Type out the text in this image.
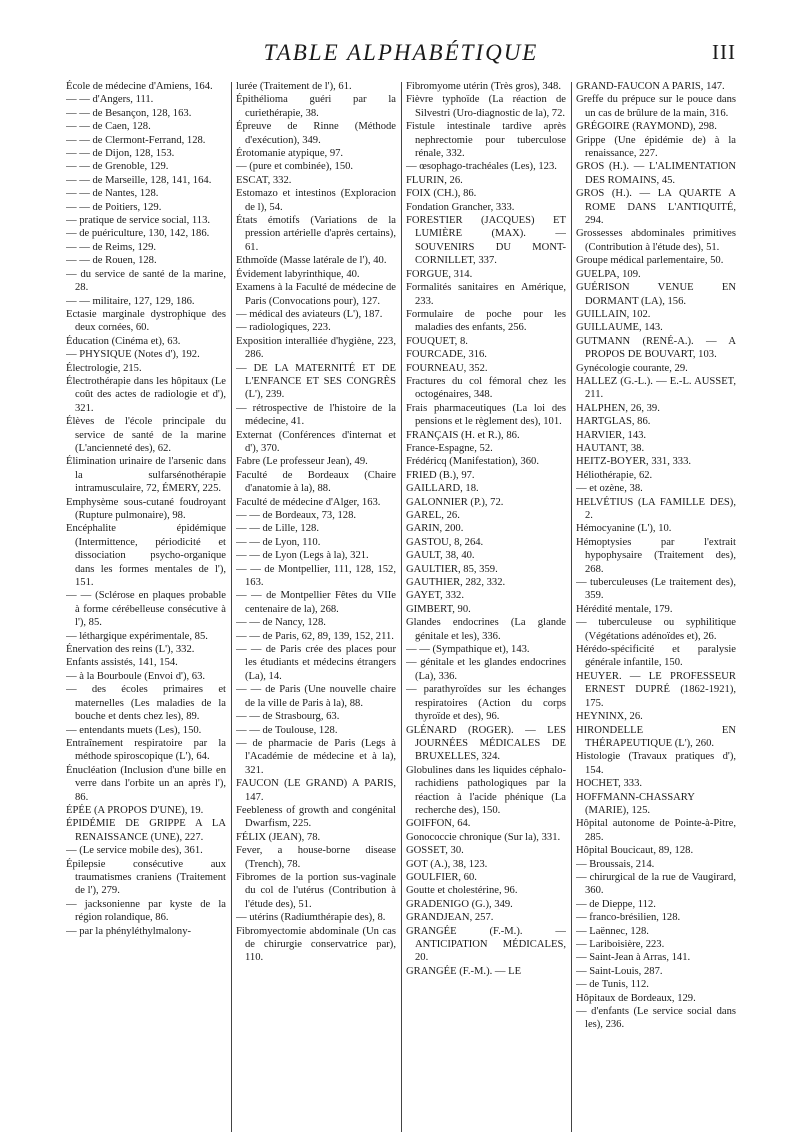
TABLE ALPHABÉTIQUE	III

École de médecine d'Amiens, 164.

— — d'Angers, 111.

— — de Besançon, 128, 163.

— — de Caen, 128.

— — de Clermont-Ferrand, 128.

— — de Dijon, 128, 153.

— — de Grenoble, 129.

— — de Marseille, 128, 141, 164.

— — de Nantes, 128.

— — de Poitiers, 129.

— pratique de service social, 113.

— de puériculture, 130, 142, 186.

— — de Reims, 129.

— — de Rouen, 128.

— du service de santé de la marine, 28.

— — militaire, 127, 129, 186.

Ectasie marginale dystrophique des deux cornées, 60.

Éducation (Cinéma et), 63.

— PHYSIQUE (Notes d'), 192.

Électrologie, 215.

Électrothérapie dans les hôpitaux (Le coût des actes de radiologie et d'), 321.

Élèves de l'école principale du service de santé de la marine (L'ancienneté des), 62.

Élimination urinaire de l'arsenic dans la sulfarsénothérapie intramusculaire, 72, ÉMERY, 225.

Emphysème sous-cutané foudroyant (Rupture pulmonaire), 98.

Encéphalite épidémique (Intermittence, périodicité et dissociation psycho-organique dans les formes mentales de l'), 151.

— — (Sclérose en plaques probable à forme cérébelleuse consécutive à l'), 85.

— léthargique expérimentale, 85.

Énervation des reins (L'), 332.

Enfants assistés, 141, 154.

— à la Bourboule (Envoi d'), 63.

— des écoles primaires et maternelles (Les maladies de la bouche et dents chez les), 89.

— entendants muets (Les), 150.

Entraînement respiratoire par la méthode spiroscopique (L'), 64.

Énucléation (Inclusion d'une bille en verre dans l'orbite un an après l'), 86.

ÉPÉE (A PROPOS D'UNE), 19.

ÉPIDÉMIE DE GRIPPE A LA RENAISSANCE (UNE), 227.

— (Le service mobile des), 361.

Épilepsie consécutive aux traumatismes craniens (Traitement de l'), 279.

— jacksonienne par kyste de la région rolandique, 86.

— par la phényléthylmalony-

lurée (Traitement de l'), 61.

Épithélioma guéri par la curiethérapie, 38.

Épreuve de Rinne (Méthode d'exécution), 349.

Érotomanie atypique, 97.

— (pure et combinée), 150.

ESCAT, 332.

Estomazo et intestinos (Exploracion de l), 54.

États émotifs (Variations de la pression artérielle d'après certains), 61.

Ethmoïde (Masse latérale de l'), 40.

Évidement labyrinthique, 40.

Examens à la Faculté de médecine de Paris (Convocations pour), 127.

— médical des aviateurs (L'), 187.

— radiologiques, 223.

Exposition interalliée d'hygiène, 223, 286.

— DE LA MATERNITÉ ET DE L'ENFANCE ET SES CONGRÈS (L'), 239.

— rétrospective de l'histoire de la médecine, 41.

Externat (Conférences d'internat et d'), 370.

Fabre (Le professeur Jean), 49.

Faculté de Bordeaux (Chaire d'anatomie à la), 88.

Faculté de médecine d'Alger, 163.

— — de Bordeaux, 73, 128.

— — de Lille, 128.

— — de Lyon, 110.

— — de Lyon (Legs à la), 321.

— — de Montpellier, 111, 128, 152, 163.

— — de Montpellier Fêtes du VIIe centenaire de la), 268.

— — de Nancy, 128.

— — de Paris, 62, 89, 139, 152, 211.

— — de Paris crée des places pour les étudiants et médecins étrangers (La), 14.

— — de Paris (Une nouvelle chaire de la ville de Paris à la), 88.

— — de Strasbourg, 63.

— — de Toulouse, 128.

— de pharmacie de Paris (Legs à l'Académie de médecine et à la), 321.

FAUCON (LE GRAND) A PARIS, 147.

Feebleness of growth and congénital Dwarfism, 225.

FÉLIX (JEAN), 78.

Fever, a house-borne disease (Trench), 78.

Fibromes de la portion sus-vaginale du col de l'utérus (Contribution à l'étude des), 51.

— utérins (Radiumthérapie des), 8.

Fibromyectomie abdominale (Un cas de chirurgie conservatrice par), 110.

Fibromyome utérin (Très gros), 348.

Fièvre typhoïde (La réaction de Silvestri (Uro-diagnostic de la), 72.

Fistule intestinale tardive après nephrectomie pour tuberculose rénale, 332.

— œsophago-trachéales (Les), 123.

FLURIN, 26.

FOIX (CH.), 86.

Fondation Grancher, 333.

FORESTIER (JACQUES) ET LUMIÈRE (MAX). — SOUVENIRS DU MONT-CORNILLET, 337.

FORGUE, 314.

Formalités sanitaires en Amérique, 233.

Formulaire de poche pour les maladies des enfants, 256.

FOUQUET, 8.

FOURCADE, 316.

FOURNEAU, 352.

Fractures du col fémoral chez les octogénaires, 348.

Frais pharmaceutiques (La loi des pensions et le règlement des), 101.

FRANÇAIS (H. et R.), 86.

France-Espagne, 52.

Frédéricq (Manifestation), 360.

FRIED (B.), 97.

GAILLARD, 18.

GALONNIER (P.), 72.

GAREL, 26.

GARIN, 200.

GASTOU, 8, 264.

GAULT, 38, 40.

GAULTIER, 85, 359.

GAUTHIER, 282, 332.

GAYET, 332.

GIMBERT, 90.

Glandes endocrines (La glande génitale et les), 336.

— — (Sympathique et), 143.

— génitale et les glandes endocrines (La), 336.

— parathyroïdes sur les échanges respiratoires (Action du corps thyroïde et des), 96.

GLÉNARD (ROGER). — LES JOURNÉES MÉDICALES DE BRUXELLES, 324.

Globulines dans les liquides céphalo-rachidiens pathologiques par la réaction à l'acide phénique (La recherche des), 150.

GOIFFON, 64.

Gonococcie chronique (Sur la), 331.

GOSSET, 30.

GOT (A.), 38, 123.

GOULFIER, 60.

Goutte et cholestérine, 96.

GRADENIGO (G.), 349.

GRANDJEAN, 257.

GRANGÉE (F.-M.). — ANTICIPATION MÉDICALES, 20.

GRANGÉE (F.-M.). — LE

GRAND-FAUCON A PARIS, 147.

Greffe du prépuce sur le pouce dans un cas de brûlure de la main, 316.

GRÉGOIRE (RAYMOND), 298.

Grippe (Une épidémie de) à la renaissance, 227.

GROS (H.). — L'ALIMENTATION DES ROMAINS, 45.

GROS (H.). — LA QUARTE A ROME DANS L'ANTIQUITÉ, 294.

Grossesses abdominales primitives (Contribution à l'étude des), 51.

Groupe médical parlementaire, 50.

GUELPA, 109.

GUÉRISON VENUE EN DORMANT (LA), 156.

GUILLAIN, 102.

GUILLAUME, 143.

GUTMANN (RENÉ-A.). — A PROPOS DE BOUVART, 103.

Gynécologie courante, 29.

HALLEZ (G.-L.). — E.-L. AUSSET, 211.

HALPHEN, 26, 39.

HARTGLAS, 86.

HARVIER, 143.

HAUTANT, 38.

HEITZ-BOYER, 331, 333.

Héliothérapie, 62.

— et ozène, 38.

HELVÉTIUS (LA FAMILLE DES), 2.

Hémocyanine (L'), 10.

Hémoptysies par l'extrait hypophysaire (Traitement des), 268.

— tuberculeuses (Le traitement des), 359.

Hérédité mentale, 179.

— tuberculeuse ou syphilitique (Végétations adénoïdes et), 26.

Hérédo-spécificité et paralysie générale infantile, 150.

HEUYER. — LE PROFESSEUR ERNEST DUPRÉ (1862-1921), 175.

HEYNINX, 26.

HIRONDELLE EN THÉRAPEUTIQUE (L'), 260.

Histologie (Travaux pratiques d'), 154.

HOCHET, 333.

HOFFMANN-CHASSARY (MARIE), 125.

Hôpital autonome de Pointe-à-Pitre, 285.

Hôpital Boucicaut, 89, 128.

— Broussais, 214.

— chirurgical de la rue de Vaugirard, 360.

— de Dieppe, 112.

— franco-brésilien, 128.

— Laënnec, 128.

— Lariboisière, 223.

— Saint-Jean à Arras, 141.

— Saint-Louis, 287.

— de Tunis, 112.

Hôpitaux de Bordeaux, 129.

— d'enfants (Le service social dans les), 236.
